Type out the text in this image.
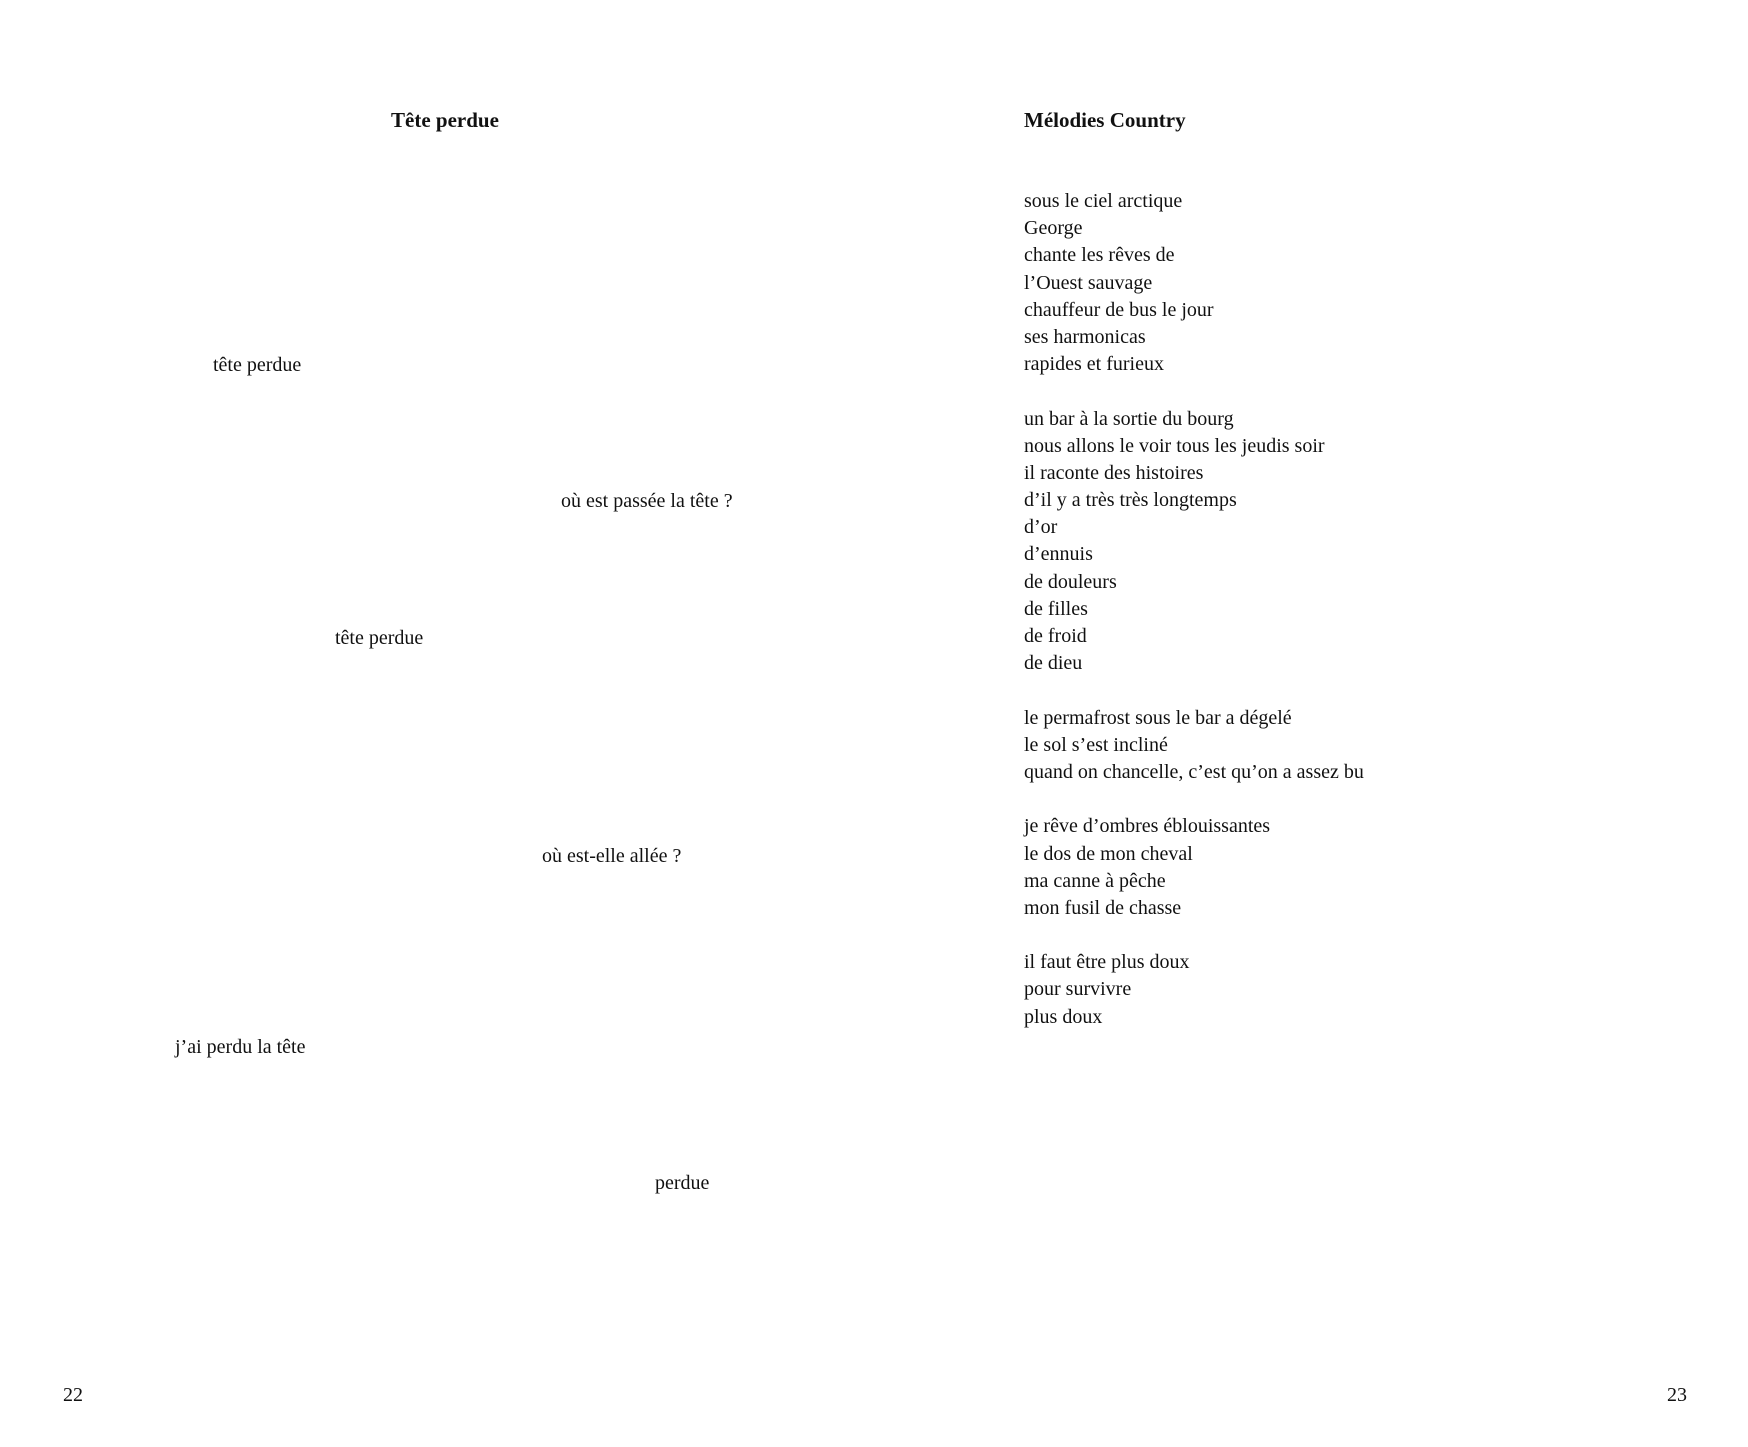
Tête perdue
tête perdue
où est passée la tête ?
tête perdue
où est-elle allée ?
j’ai perdu la tête
perdue
22
Mélodies Country
sous le ciel arctique
George
chante les rêves de
l’Ouest sauvage
chauffeur de bus le jour
ses harmonicas
rapides et furieux
un bar à la sortie du bourg
nous allons le voir tous les jeudis soir
il raconte des histoires
d’il y a très très longtemps
d’or
d’ennuis
de douleurs
de filles
de froid
de dieu
le permafrost sous le bar a dégelé
le sol s’est incliné
quand on chancelle, c’est qu’on a assez bu
je rêve d’ombres éblouissantes
le dos de mon cheval
ma canne à pêche
mon fusil de chasse
il faut être plus doux
pour survivre
plus doux
23
